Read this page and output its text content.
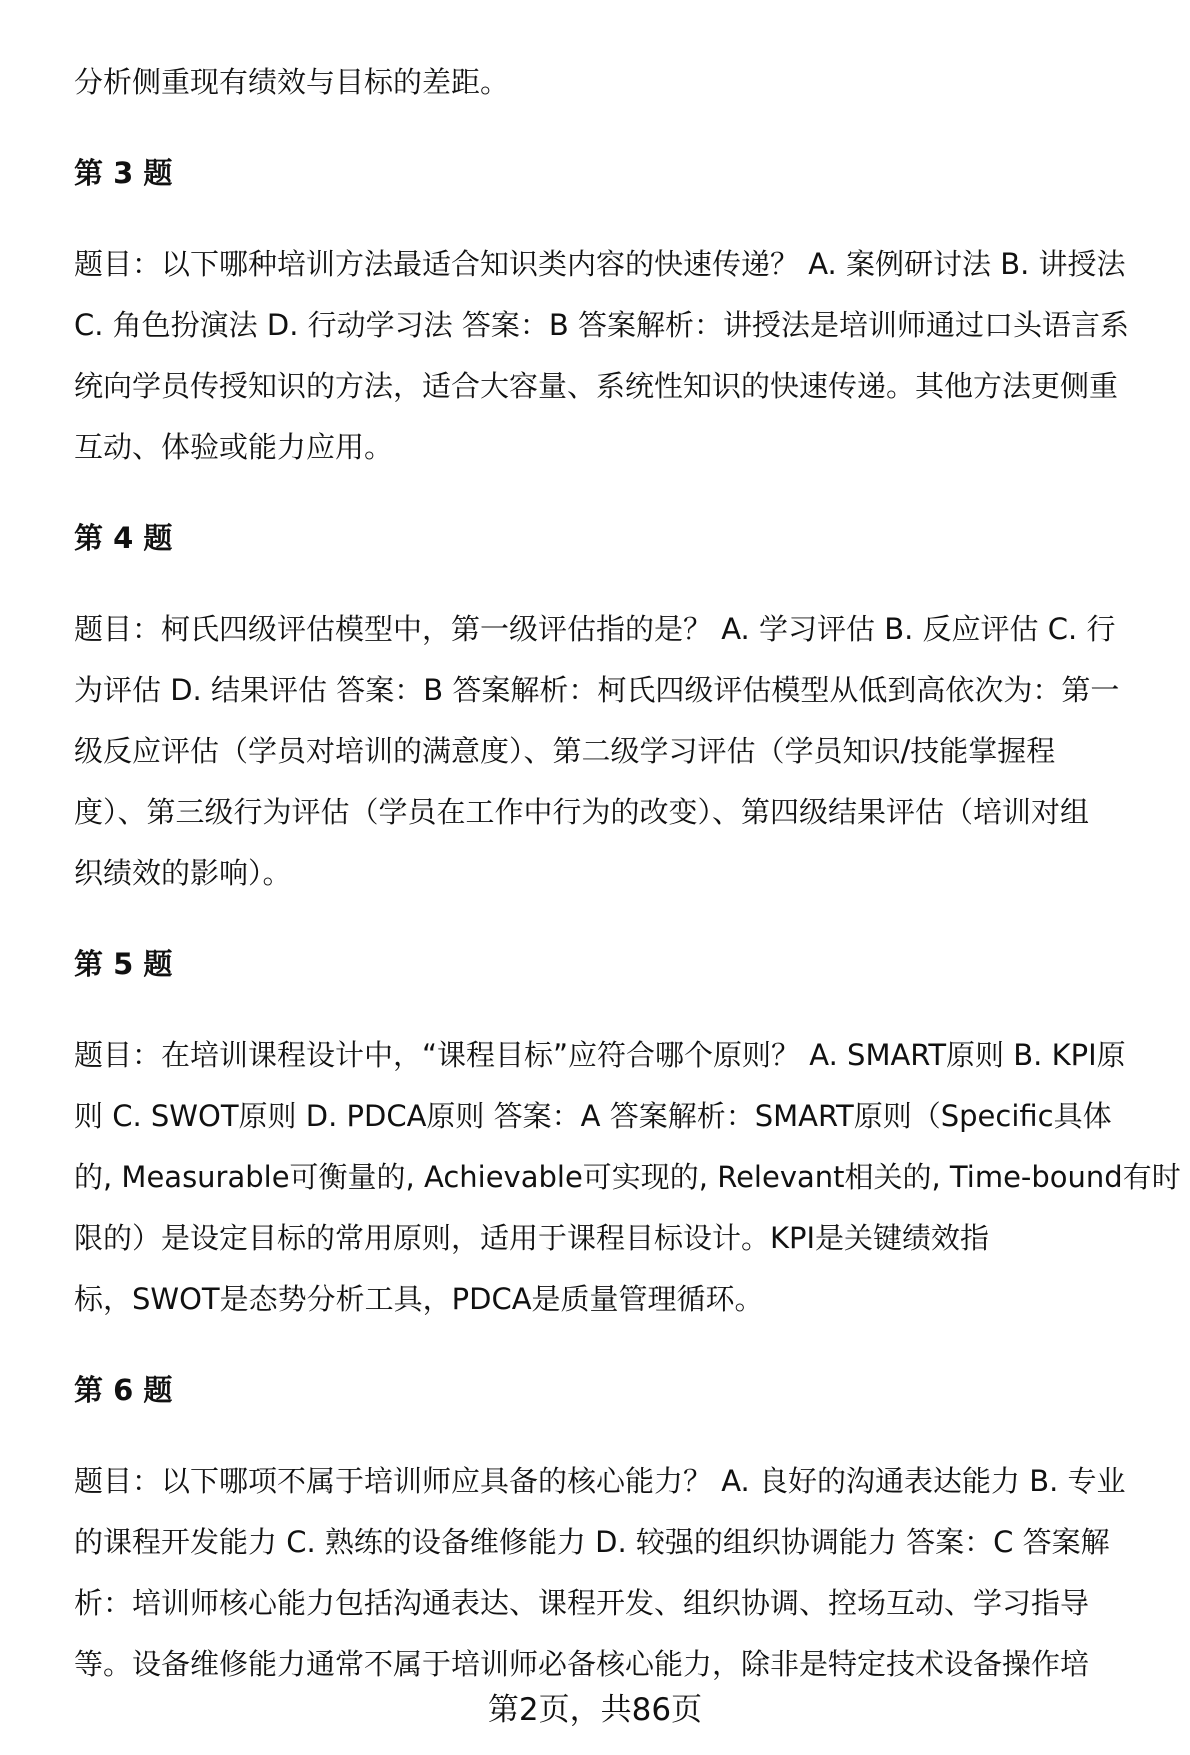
分析侧重现有绩效与目标的差距。
第 3 题
题目：以下哪种培训方法最适合知识类内容的快速传递？ A. 案例研讨法 B. 讲授法
C. 角色扮演法 D. 行动学习法 答案：B 答案解析：讲授法是培训师通过口头语言系
统向学员传授知识的方法，适合大容量、系统性知识的快速传递。其他方法更侧重
互动、体验或能力应用。
第 4 题
题目：柯氏四级评估模型中，第一级评估指的是？ A. 学习评估 B. 反应评估 C. 行
为评估 D. 结果评估 答案：B 答案解析：柯氏四级评估模型从低到高依次为：第一
级反应评估（学员对培训的满意度）、第二级学习评估（学员知识/技能掌握程
度）、第三级行为评估（学员在工作中行为的改变）、第四级结果评估（培训对组
织绩效的影响）。
第 5 题
题目：在培训课程设计中，“课程目标”应符合哪个原则？ A. SMART原则 B. KPI原
则 C. SWOT原则 D. PDCA原则 答案：A 答案解析：SMART原则（Specific具体
的, Measurable可衡量的, Achievable可实现的, Relevant相关的, Time-bound有时
限的）是设定目标的常用原则，适用于课程目标设计。KPI是关键绩效指
标，SWOT是态势分析工具，PDCA是质量管理循环。
第 6 题
题目：以下哪项不属于培训师应具备的核心能力？ A. 良好的沟通表达能力 B. 专业
的课程开发能力 C. 熟练的设备维修能力 D. 较强的组织协调能力 答案：C 答案解
析：培训师核心能力包括沟通表达、课程开发、组织协调、控场互动、学习指导
等。设备维修能力通常不属于培训师必备核心能力，除非是特定技术设备操作培
第2页，共86页
